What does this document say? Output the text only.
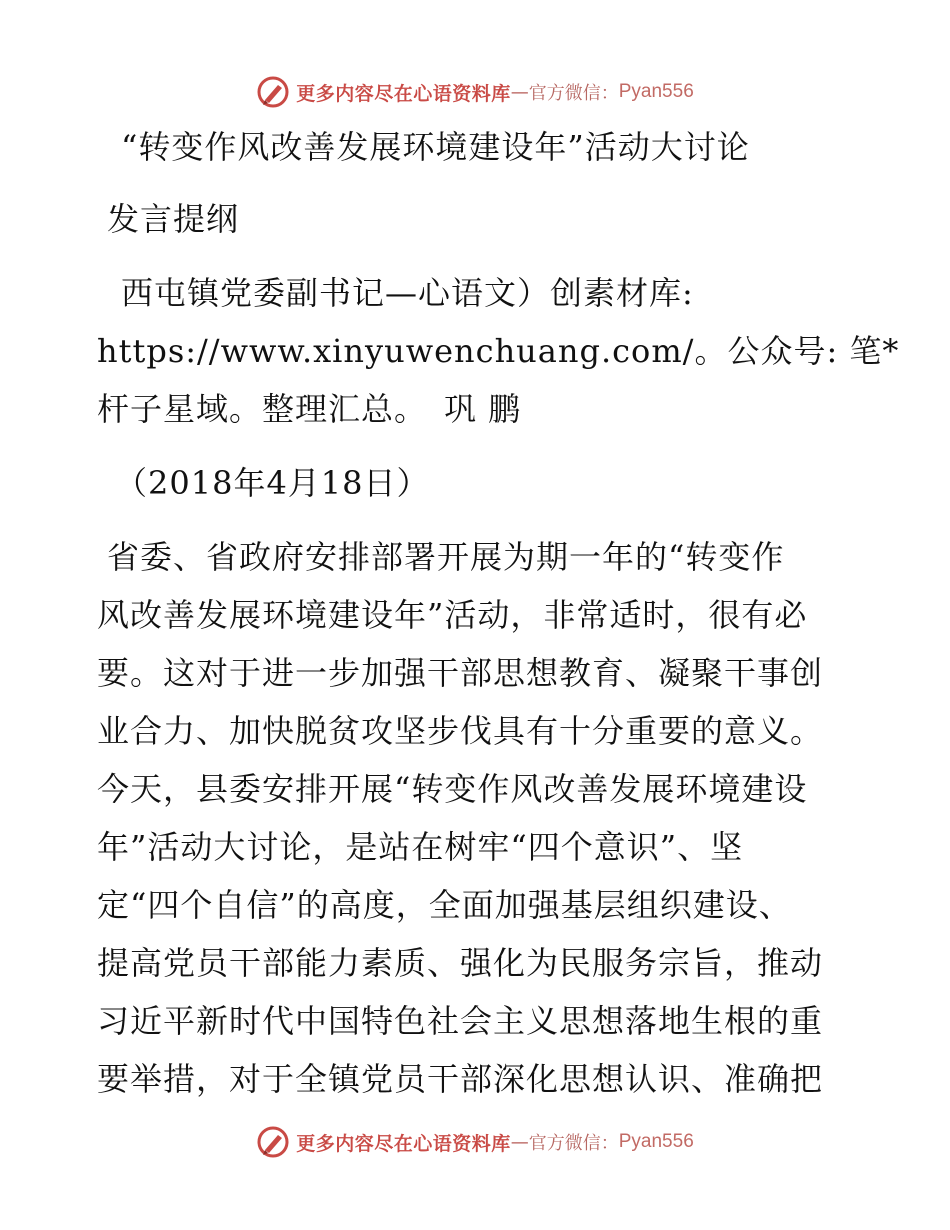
更多内容尽在心语资料库 — 官方微信： Pyan556
“转变作风改善发展环境建设年”活动大讨论
发言提纲
西屯镇党委副书记—心语文）创素材库:
https://www.xinyuwenchuang.com/。公众号: 笔*
杆子星域。整理汇总。　巩 鹏
（2018年4月18日）
省委、省政府安排部署开展为期一年的“转变作
风改善发展环境建设年”活动，非常适时，很有必
要。这对于进一步加强干部思想教育、凝聚干事创
业合力、加快脱贫攻坚步伐具有十分重要的意义。
今天，县委安排开展“转变作风改善发展环境建设
年”活动大讨论，是站在树牢“四个意识”、坚
定“四个自信”的高度，全面加强基层组织建设、
提高党员干部能力素质、强化为民服务宗旨，推动
习近平新时代中国特色社会主义思想落地生根的重
要举措，对于全镇党员干部深化思想认识、准确把
更多内容尽在心语资料库 — 官方微信： Pyan556
